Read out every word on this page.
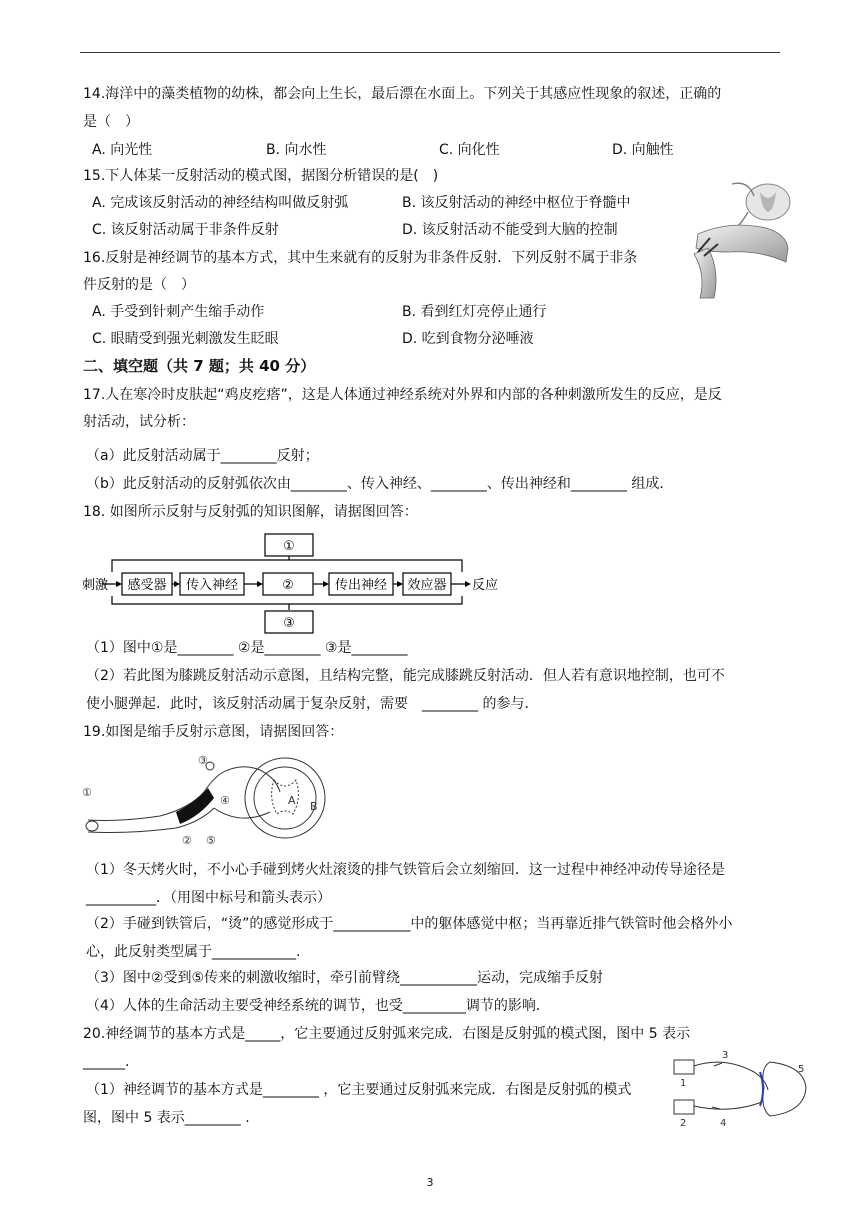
14.海洋中的藻类植物的幼株，都会向上生长，最后漂在水面上。下列关于其感应性现象的叙述，正确的
是（　）
A. 向光性	B. 向水性	C. 向化性	D. 向触性
15.下人体某一反射活动的模式图，据图分析错误的是(　)
A. 完成该反射活动的神经结构叫做反射弧	B. 该反射活动的神经中枢位于脊髓中
C. 该反射活动属于非条件反射	D. 该反射活动不能受到大脑的控制
16.反射是神经调节的基本方式，其中生来就有的反射为非条件反射．下列反射不属于非条
件反射的是（　）
A. 手受到针刺产生缩手动作	B. 看到红灯亮停止通行
C. 眼睛受到强光刺激发生眨眼	D. 吃到食物分泌唾液
二、填空题（共 7 题；共 40 分）
17.人在寒冷时皮肤起“鸡皮疙瘩”，这是人体通过神经系统对外界和内部的各种刺激所发生的反应，是反
射活动，试分析：
（a）此反射活动属于________反射；
（b）此反射活动的反射弧依次由________、传入神经、________、传出神经和________ 组成．
18. 如图所示反射与反射弧的知识图解，请据图回答：
刺激	反应
①
感受器 传入神经	②	传出神经 效应器
③
（1）图中①是________ ②是________ ③是________
（2）若此图为膝跳反射活动示意图，且结构完整，能完成膝跳反射活动．但人若有意识地控制，也可不
使小腿弹起．此时，该反射活动属于复杂反射，需要　________ 的参与．
19.如图是缩手反射示意图，请据图回答：
①
②
③
④
⑤
A B
（1）冬天烤火时，不小心手碰到烤火灶滚烫的排气铁管后会立刻缩回．这一过程中神经冲动传导途径是
__________．（用图中标号和箭头表示）
（2）手碰到铁管后，“烫”的感觉形成于___________中的躯体感觉中枢；当再靠近排气铁管时他会格外小
心，此反射类型属于____________.
（3）图中②受到⑤传来的刺激收缩时，牵引前臂绕___________运动，完成缩手反射
（4）人体的生命活动主要受神经系统的调节，也受_________调节的影响．
20.神经调节的基本方式是_____，它主要通过反射弧来完成．右图是反射弧的模式图，图中 5 表示
______.
（1）神经调节的基本方式是________ ，它主要通过反射弧来完成．右图是反射弧的模式
图，图中 5 表示________ .
1
2
3
4
5
3
